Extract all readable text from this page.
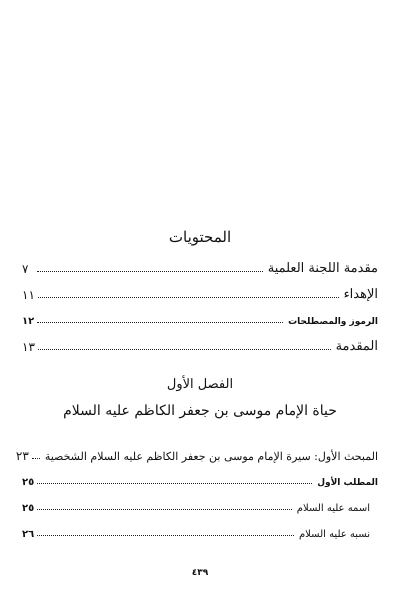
المحتويات
مقدمة اللجنة العلمية
٧
الإهداء
١١
الرموز والمصطلحات
١٢
المقدمة
١٣
الفصل الأول
حياة الإمام موسى بن جعفر الكاظم عليه السلام
المبحث الأول: سيرة الإمام موسى بن جعفر الكاظم عليه السلام الشخصية
٢٣
المطلب الأول
٢٥
اسمه عليه السلام
٢٥
نسبه عليه السلام
٢٦
٤٣٩
